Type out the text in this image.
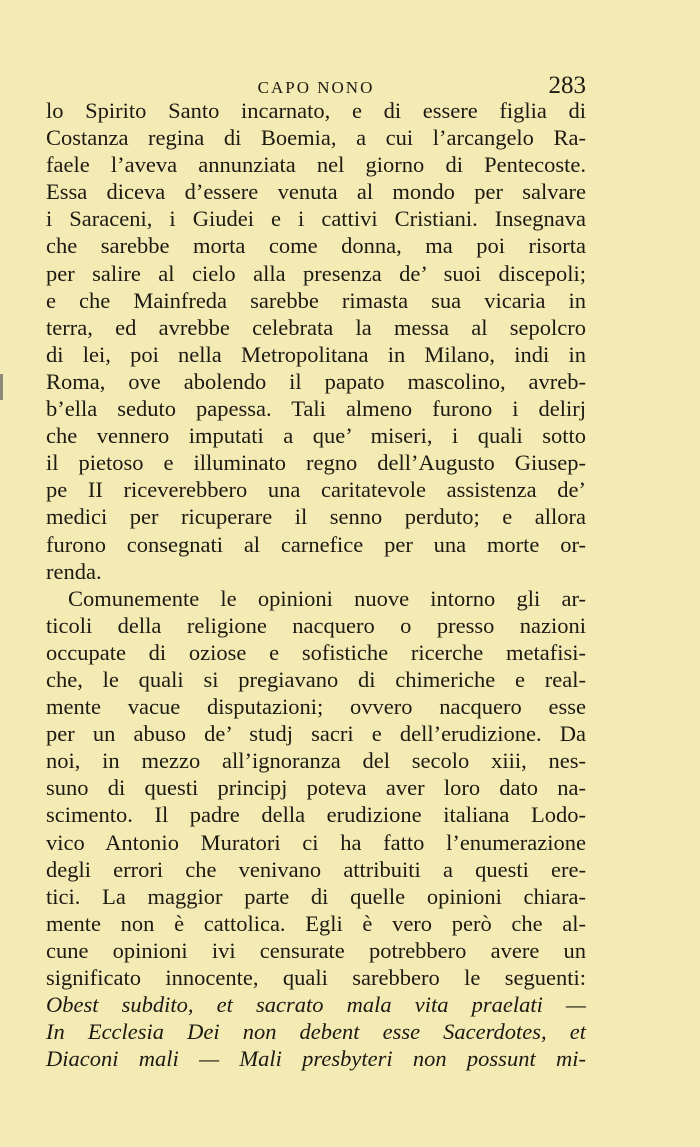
CAPO NONO	283
lo Spirito Santo incarnato, e di essere figlia di
Costanza regina di Boemia, a cui l’arcangelo Ra-
faele l’aveva annunziata nel giorno di Pentecoste.
Essa diceva d’essere venuta al mondo per salvare
i Saraceni, i Giudei e i cattivi Cristiani. Insegnava
che sarebbe morta come donna, ma poi risorta
per salire al cielo alla presenza de’ suoi discepoli;
e che Mainfreda sarebbe rimasta sua vicaria in
terra, ed avrebbe celebrata la messa al sepolcro
di lei, poi nella Metropolitana in Milano, indi in
Roma, ove abolendo il papato mascolino, avreb-
b’ella seduto papessa. Tali almeno furono i delirj
che vennero imputati a que’ miseri, i quali sotto
il pietoso e illuminato regno dell’Augusto Giusep-
pe II riceverebbero una caritatevole assistenza de’
medici per ricuperare il senno perduto; e allora
furono consegnati al carnefice per una morte or-
renda.
Comunemente le opinioni nuove intorno gli ar-
ticoli della religione nacquero o presso nazioni
occupate di oziose e sofistiche ricerche metafisi-
che, le quali si pregiavano di chimeriche e real-
mente vacue disputazioni; ovvero nacquero esse
per un abuso de’ studj sacri e dell’erudizione. Da
noi, in mezzo all’ignoranza del secolo xiii, nes-
suno di questi principj poteva aver loro dato na-
scimento. Il padre della erudizione italiana Lodo-
vico Antonio Muratori ci ha fatto l’enumerazione
degli errori che venivano attribuiti a questi ere-
tici. La maggior parte di quelle opinioni chiara-
mente non è cattolica. Egli è vero però che al-
cune opinioni ivi censurate potrebbero avere un
significato innocente, quali sarebbero le seguenti:
Obest subdito, et sacrato mala vita praelati —
In Ecclesia Dei non debent esse Sacerdotes, et
Diaconi mali — Mali presbyteri non possunt mi-
